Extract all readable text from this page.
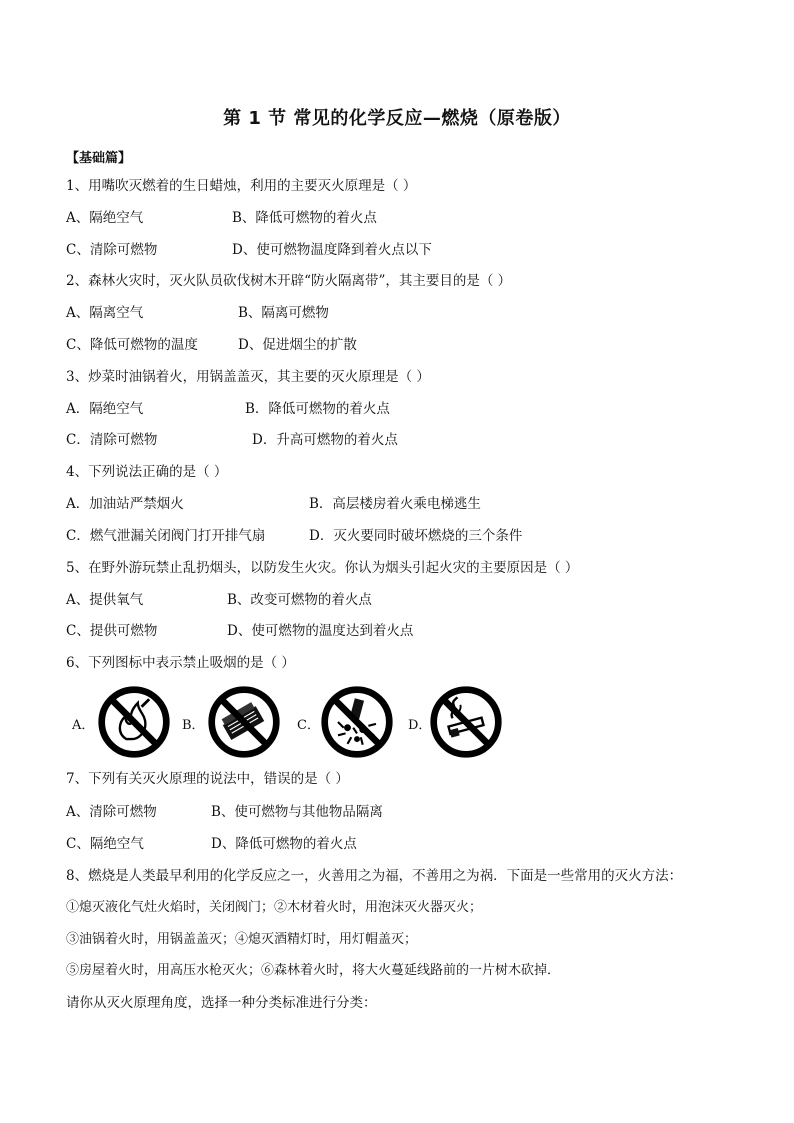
第 1 节 常见的化学反应—燃烧（原卷版）
【基础篇】
1、用嘴吹灭燃着的生日蜡烛，利用的主要灭火原理是（ ）
A、隔绝空气	B、降低可燃物的着火点
C、清除可燃物	D、使可燃物温度降到着火点以下
2、森林火灾时，灭火队员砍伐树木开辟“防火隔离带”，其主要目的是（ ）
A、隔离空气	B、隔离可燃物
C、降低可燃物的温度	D、促进烟尘的扩散
3、炒菜时油锅着火，用锅盖盖灭，其主要的灭火原理是（ ）
A．隔绝空气	B．降低可燃物的着火点
C．清除可燃物	D．升高可燃物的着火点
4、下列说法正确的是（ ）
A．加油站严禁烟火	B．高层楼房着火乘电梯逃生
C．燃气泄漏关闭阀门打开排气扇	D．灭火要同时破坏燃烧的三个条件
5、在野外游玩禁止乱扔烟头，以防发生火灾。你认为烟头引起火灾的主要原因是（ ）
A、提供氧气	B、改变可燃物的着火点
C、提供可燃物	D、使可燃物的温度达到着火点
6、下列图标中表示禁止吸烟的是（ ）
A．	B．	C．	D．
7、下列有关灭火原理的说法中，错误的是（ ）
A、清除可燃物	B、使可燃物与其他物品隔离
C、隔绝空气	D、降低可燃物的着火点
8、燃烧是人类最早利用的化学反应之一，火善用之为福，不善用之为祸．下面是一些常用的灭火方法：
①熄灭液化气灶火焰时，关闭阀门；②木材着火时，用泡沫灭火器灭火；
③油锅着火时，用锅盖盖灭；④熄灭酒精灯时，用灯帽盖灭；
⑤房屋着火时，用高压水枪灭火；⑥森林着火时，将大火蔓延线路前的一片树木砍掉．
请你从灭火原理角度，选择一种分类标准进行分类：
